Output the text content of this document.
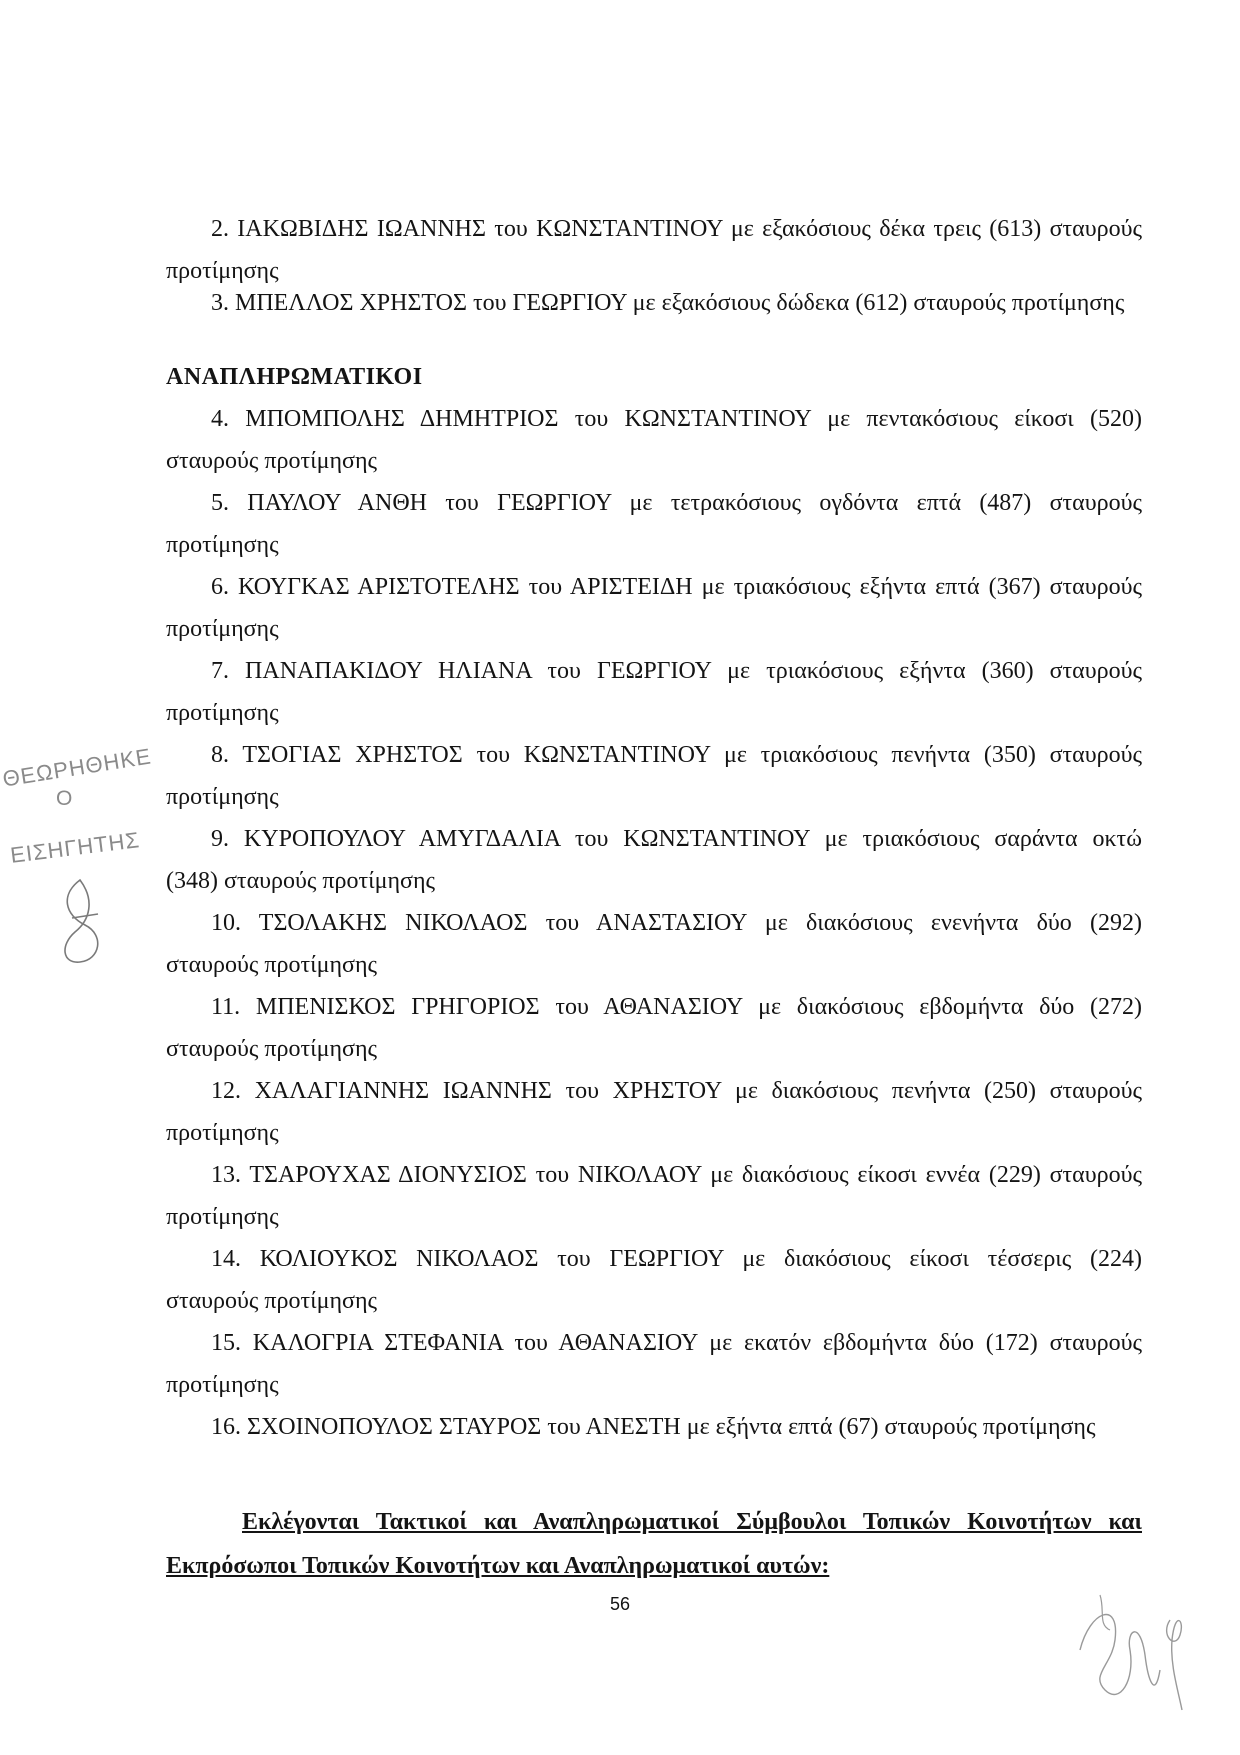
2. ΙΑΚΩΒΙΔΗΣ ΙΩΑΝΝΗΣ του ΚΩΝΣΤΑΝΤΙΝΟΥ με εξακόσιους δέκα τρεις (613) σταυρούς
προτίμησης
3. ΜΠΕΛΛΟΣ ΧΡΗΣΤΟΣ του ΓΕΩΡΓΙΟΥ με εξακόσιους δώδεκα (612) σταυρούς προτίμησης
ΑΝΑΠΛΗΡΩΜΑΤΙΚΟΙ
4. ΜΠΟΜΠΟΛΗΣ ΔΗΜΗΤΡΙΟΣ του ΚΩΝΣΤΑΝΤΙΝΟΥ με πεντακόσιους είκοσι (520)
σταυρούς προτίμησης
5. ΠΑΥΛΟΥ ΑΝΘΗ του ΓΕΩΡΓΙΟΥ με τετρακόσιους ογδόντα επτά (487) σταυρούς
προτίμησης
6. ΚΟΥΓΚΑΣ ΑΡΙΣΤΟΤΕΛΗΣ του ΑΡΙΣΤΕΙΔΗ με τριακόσιους εξήντα επτά (367) σταυρούς
προτίμησης
7. ΠΑΝΑΠΑΚΙΔΟΥ ΗΛΙΑΝΑ του ΓΕΩΡΓΙΟΥ με τριακόσιους εξήντα (360) σταυρούς
προτίμησης
8. ΤΣΟΓΙΑΣ ΧΡΗΣΤΟΣ του ΚΩΝΣΤΑΝΤΙΝΟΥ με τριακόσιους πενήντα (350) σταυρούς
προτίμησης
9. ΚΥΡΟΠΟΥΛΟΥ ΑΜΥΓΔΑΛΙΑ του ΚΩΝΣΤΑΝΤΙΝΟΥ με τριακόσιους σαράντα οκτώ
(348) σταυρούς προτίμησης
10. ΤΣΟΛΑΚΗΣ ΝΙΚΟΛΑΟΣ του ΑΝΑΣΤΑΣΙΟΥ με διακόσιους ενενήντα δύο (292)
σταυρούς προτίμησης
11. ΜΠΕΝΙΣΚΟΣ ΓΡΗΓΟΡΙΟΣ του ΑΘΑΝΑΣΙΟΥ με διακόσιους εβδομήντα δύο (272)
σταυρούς προτίμησης
12. ΧΑΛΑΓΙΑΝΝΗΣ ΙΩΑΝΝΗΣ του ΧΡΗΣΤΟΥ με διακόσιους πενήντα (250) σταυρούς
προτίμησης
13. ΤΣΑΡΟΥΧΑΣ ΔΙΟΝΥΣΙΟΣ του ΝΙΚΟΛΑΟΥ με διακόσιους είκοσι εννέα (229) σταυρούς
προτίμησης
14. ΚΟΛΙΟΥΚΟΣ ΝΙΚΟΛΑΟΣ του ΓΕΩΡΓΙΟΥ με διακόσιους είκοσι τέσσερις (224)
σταυρούς προτίμησης
15. ΚΑΛΟΓΡΙΑ ΣΤΕΦΑΝΙΑ του ΑΘΑΝΑΣΙΟΥ με εκατόν εβδομήντα δύο (172) σταυρούς
προτίμησης
16. ΣΧΟΙΝΟΠΟΥΛΟΣ ΣΤΑΥΡΟΣ του ΑΝΕΣΤΗ με εξήντα επτά (67) σταυρούς προτίμησης
Εκλέγονται Τακτικοί και Αναπληρωματικοί Σύμβουλοι Τοπικών Κοινοτήτων και
Εκπρόσωποι Τοπικών Κοινοτήτων και Αναπληρωματικοί αυτών:
56
ΘΕΩΡΗΘΗΚΕ
Ο
ΕΙΣΗΓΗΤΗΣ
